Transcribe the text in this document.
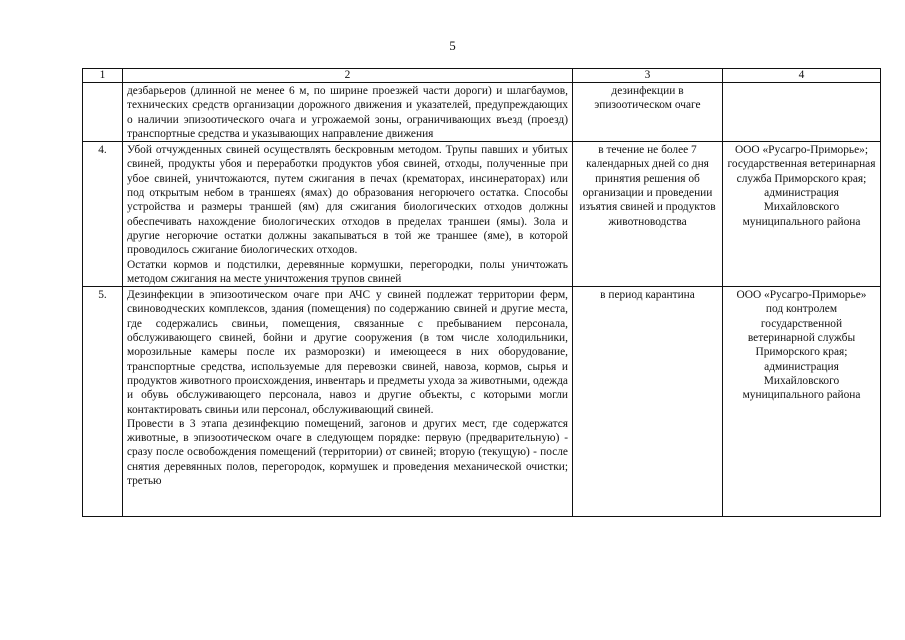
5
1	2	3	4
	дезбарьеров (длинной не менее 6 м, по ширине проезжей части дороги) и шлагбаумов, технических средств организации дорожного движения и указателей, предупреждающих о наличии эпизоотического очага и угрожаемой зоны, ограничивающих въезд (проезд) транспортные средства и указывающих направление движения	дезинфекции в эпизоотическом очаге	
4.	Убой отчужденных свиней осуществлять бескровным методом. Трупы павших и убитых свиней, продукты убоя и переработки продуктов убоя свиней, отходы, полученные при убое свиней, уничтожаются, путем сжигания в печах (крематорах, инсинераторах) или под открытым небом в траншеях (ямах) до образования негорючего остатка. Способы устройства и размеры траншей (ям) для сжигания биологических отходов должны обеспечивать нахождение биологических отходов в пределах траншеи (ямы). Зола и другие негорючие остатки должны закапываться в той же траншее (яме), в которой проводилось сжигание биологических отходов.
Остатки кормов и подстилки, деревянные кормушки, перегородки, полы уничтожать методом сжигания на месте уничтожения трупов свиней	в течение не более 7 календарных дней со дня принятия решения об организации и проведении изъятия свиней и продуктов животноводства	ООО «Русагро-Приморье»; государственная ветеринарная служба Приморского края; администрация Михайловского муниципального района
5.	Дезинфекции в эпизоотическом очаге при АЧС у свиней подлежат территории ферм, свиноводческих комплексов, здания (помещения) по содержанию свиней и другие места, где содержались свиньи, помещения, связанные с пребыванием персонала, обслуживающего свиней, бойни и другие сооружения (в том числе холодильники, морозильные камеры после их разморозки) и имеющееся в них оборудование, транспортные средства, используемые для перевозки свиней, навоза, кормов, сырья и продуктов животного происхождения, инвентарь и предметы ухода за животными, одежда и обувь обслуживающего персонала, навоз и другие объекты, с которыми могли контактировать свиньи или персонал, обслуживающий свиней.
Провести в 3 этапа дезинфекцию помещений, загонов и других мест, где содержатся животные, в эпизоотическом очаге в следующем порядке: первую (предварительную) - сразу после освобождения помещений (территории) от свиней; вторую (текущую) - после снятия деревянных полов, перегородок, кормушек и проведения механической очистки; третью	в период карантина	ООО «Русагро-Приморье» под контролем государственной ветеринарной службы Приморского края; администрация Михайловского муниципального района
